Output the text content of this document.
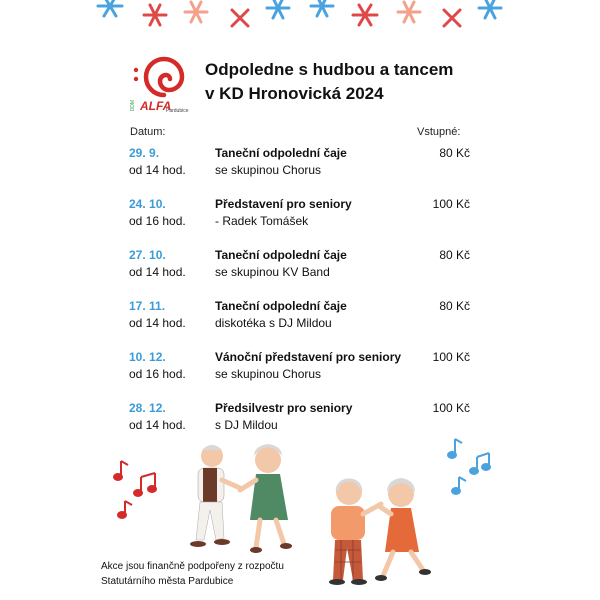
DDM ALFA
Pardubice
Odpoledne s hudbou a tancem
v KD Hronovická 2024
Datum:	Vstupné:
29. 9.
od 14 hod.
Taneční odpolední čaje
se skupinou Chorus
80 Kč
24. 10.
od 16 hod.
Představení pro seniory
- Radek Tomášek
100 Kč
27. 10.
od 14 hod.
Taneční odpolední čaje
se skupinou KV Band
80 Kč
17. 11.
od 14 hod.
Taneční odpolední čaje
diskotéka s DJ Mildou
80 Kč
10. 12.
od 16 hod.
Vánoční představení pro seniory
se skupinou Chorus
100 Kč
28. 12.
od 14 hod.
Předsilvestr pro seniory
s DJ Mildou
100 Kč
Akce jsou finančně podpořeny z rozpočtu
Statutárního města Pardubice
